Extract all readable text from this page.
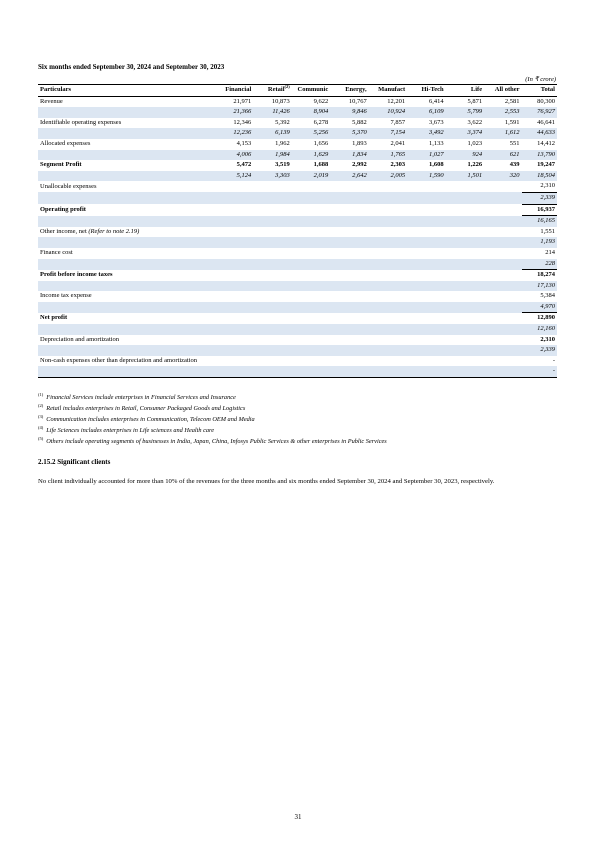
Six months ended September 30, 2024 and September 30, 2023
(In ₹ crore)
Particulars	Financial	Retail$^{(2)}$	Communic	Energy,	Manufact	Hi-Tech	Life	All other	Total
Revenue	21,971	10,873	9,622	10,767	12,201	6,414	5,871	2,581	80,300
	21,366	11,426	8,904	9,846	10,924	6,109	5,799	2,553	76,927
Identifiable operating expenses	12,346	5,392	6,278	5,882	7,857	3,673	3,622	1,591	46,641
	12,236	6,139	5,256	5,370	7,154	3,492	3,374	1,612	44,633
Allocated expenses	4,153	1,962	1,656	1,893	2,041	1,133	1,023	551	14,412
	4,006	1,984	1,629	1,834	1,765	1,027	924	621	13,790
Segment Profit	5,472	3,519	1,688	2,992	2,303	1,608	1,226	439	19,247
	5,124	3,303	2,019	2,642	2,005	1,590	1,501	320	18,504
Unallocable expenses									2,310
									2,339
Operating profit									16,937
									16,165
Other income, net (Refer to note 2.19)									1,551
									1,193
Finance cost									214
									228
Profit before income taxes									18,274
									17,130
Income tax expense									5,384
									4,970
Net profit									12,890
									12,160
Depreciation and amortization									2,310
									2,339
Non-cash expenses other than depreciation and amortization									-
									-
$^{(1)}$ Financial Services include enterprises in Financial Services and Insurance
$^{(2)}$ Retail includes enterprises in Retail, Consumer Packaged Goods and Logistics
$^{(3)}$ Communication includes enterprises in Communication, Telecom OEM and Media
$^{(4)}$ Life Sciences includes enterprises in Life sciences and Health care
$^{(5)}$ Others include operating segments of businesses in India, Japan, China, Infosys Public Services & other enterprises in Public Services
2.15.2 Significant clients
No client individually accounted for more than 10% of the revenues for the three months and six months ended September 30, 2024 and September 30, 2023, respectively.
31
